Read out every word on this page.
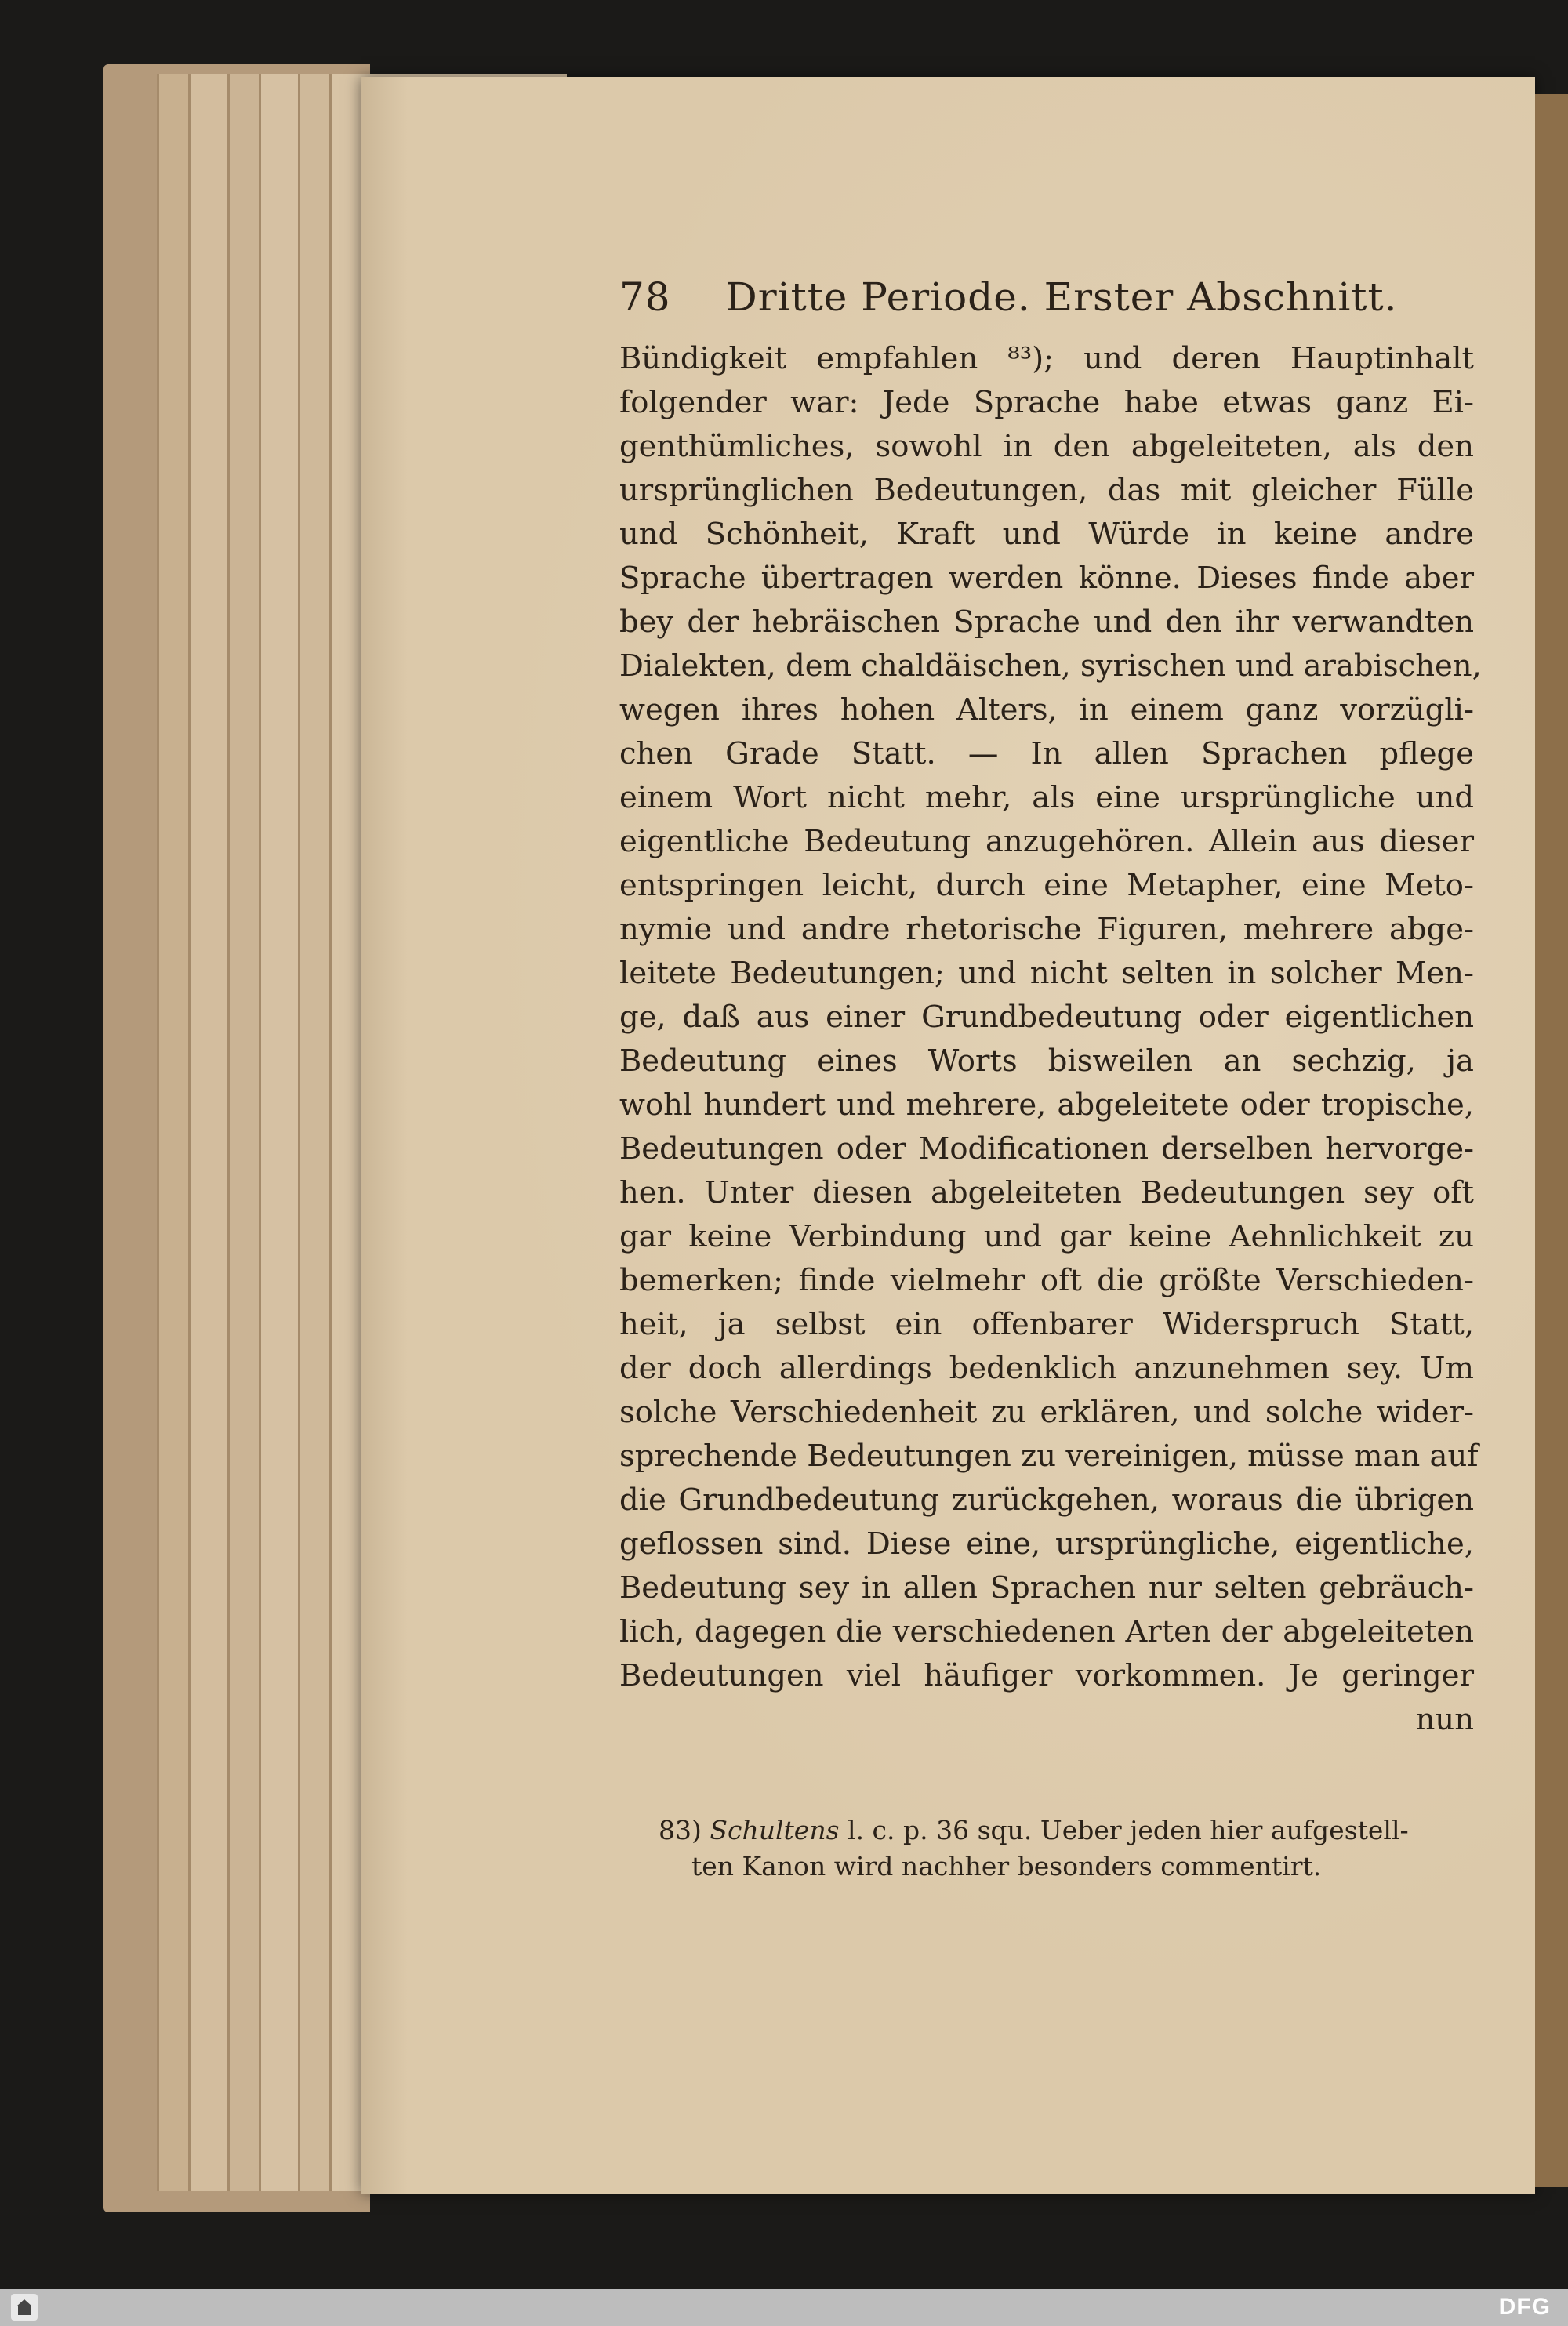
78 Dritte Periode. Erster Abschnitt.
Bündigkeit empfahlen ⁸³); und deren Hauptinhalt
folgender war: Jede Sprache habe etwas ganz Ei-
genthümliches, sowohl in den abgeleiteten, als den
ursprünglichen Bedeutungen, das mit gleicher Fülle
und Schönheit, Kraft und Würde in keine andre
Sprache übertragen werden könne. Dieses finde aber
bey der hebräischen Sprache und den ihr verwandten
Dialekten, dem chaldäischen, syrischen und arabischen,
wegen ihres hohen Alters, in einem ganz vorzügli-
chen Grade Statt. — In allen Sprachen pflege
einem Wort nicht mehr, als eine ursprüngliche und
eigentliche Bedeutung anzugehören. Allein aus dieser
entspringen leicht, durch eine Metapher, eine Meto-
nymie und andre rhetorische Figuren, mehrere abge-
leitete Bedeutungen; und nicht selten in solcher Men-
ge, daß aus einer Grundbedeutung oder eigentlichen
Bedeutung eines Worts bisweilen an sechzig, ja
wohl hundert und mehrere, abgeleitete oder tropische,
Bedeutungen oder Modificationen derselben hervorge-
hen. Unter diesen abgeleiteten Bedeutungen sey oft
gar keine Verbindung und gar keine Aehnlichkeit zu
bemerken; finde vielmehr oft die größte Verschieden-
heit, ja selbst ein offenbarer Widerspruch Statt,
der doch allerdings bedenklich anzunehmen sey. Um
solche Verschiedenheit zu erklären, und solche wider-
sprechende Bedeutungen zu vereinigen, müsse man auf
die Grundbedeutung zurückgehen, woraus die übrigen
geflossen sind. Diese eine, ursprüngliche, eigentliche,
Bedeutung sey in allen Sprachen nur selten gebräuch-
lich, dagegen die verschiedenen Arten der abgeleiteten
Bedeutungen viel häufiger vorkommen. Je geringer
nun
83) Schultens l. c. p. 36 squ. Ueber jeden hier aufgestell-
ten Kanon wird nachher besonders commentirt.
DFG
